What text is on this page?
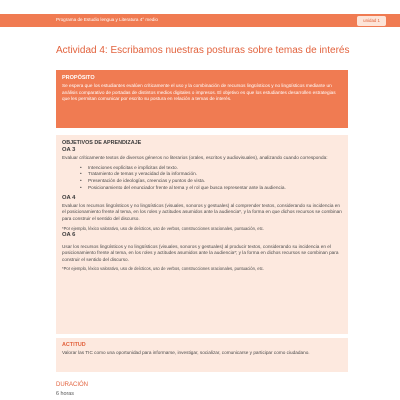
Programa de Estudio lengua y Literatura 4° medio	unidad 1
Actividad 4: Escribamos nuestras posturas sobre temas de interés
PROPÓSITO
Se espera que los estudiantes evalúen críticamente el uso y la combinación de recursos lingüísticos y no lingüísticos mediante un análisis comparativo de portadas de distintos medios digitales o impresos. El objetivo es que los estudiantes desarrollen estrategias que les permitan comunicar por escrito su postura en relación a temas de interés.
OBJETIVOS DE APRENDIZAJE
OA 3
Evaluar críticamente textos de diversos géneros no literarios (orales, escritos y audiovisuales), analizando cuando corresponda:
• Intenciones explícitas e implícitas del texto.
• Tratamiento de temas y veracidad de la información.
• Presentación de ideologías, creencias y puntos de vista.
• Posicionamiento del enunciador frente al tema y el rol que busca representar ante la audiencia.
OA 4
Evaluar los recursos lingüísticos y no lingüísticos (visuales, sonoros y gestuales) al comprender textos, considerando su incidencia en el posicionamiento frente al tema, en los roles y actitudes asumidos ante la audiencia*, y la forma en que dichos recursos se combinan para construir el sentido del discurso.
*Por ejemplo, léxico valorativo, uso de deícticos, uso de verbos, construcciones oracionales, puntuación, etc.
OA 6
Usar los recursos lingüísticos y no lingüísticos (visuales, sonoros y gestuales) al producir textos, considerando su incidencia en el posicionamiento frente al tema, en los roles y actitudes asumidos ante la audiencia*; y la forma en dichos recursos se combinan para construir el sentido del discurso.
*Por ejemplo, léxico valorativo, uso de deícticos, uso de verbos, construcciones oracionales, puntuación, etc.
ACTITUD
Valorar las TIC como una oportunidad para informarse, investigar, socializar, comunicarse y participar como ciudadano.
DURACIÓN
6 horas
